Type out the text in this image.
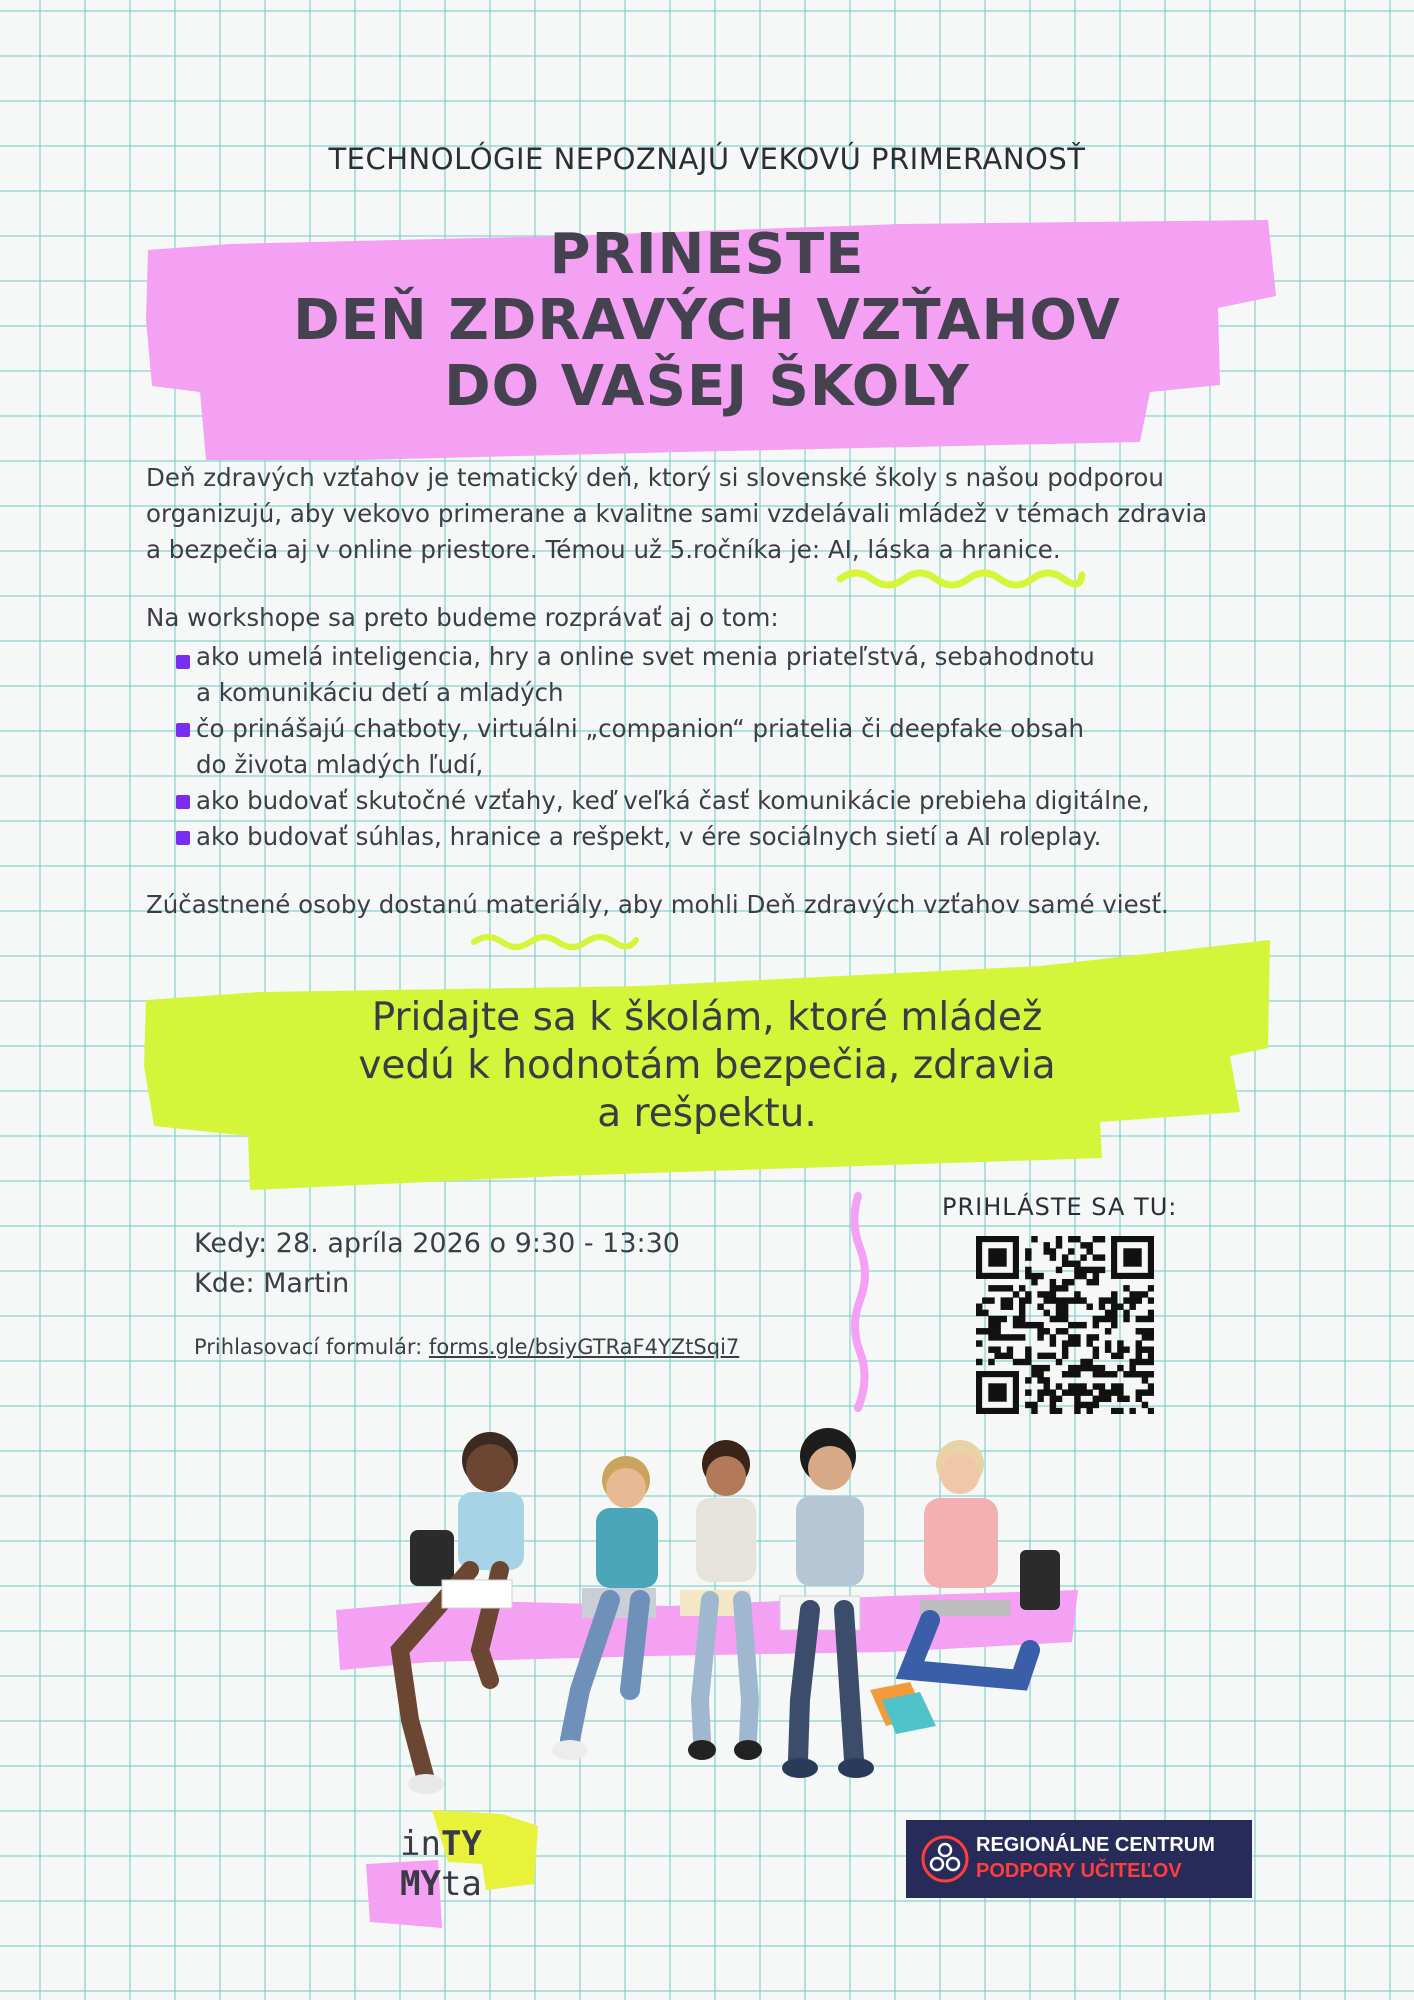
TECHNOLÓGIE NEPOZNAJÚ VEKOVÚ PRIMERANOSŤ
PRINESTE
DEŇ ZDRAVÝCH VZŤAHOV
DO VAŠEJ ŠKOLY
Deň zdravých vzťahov je tematický deň, ktorý si slovenské školy s našou podporou
organizujú, aby vekovo primerane a kvalitne sami vzdelávali mládež v témach zdravia
a bezpečia aj v online priestore. Témou už 5.ročníka je: AI, láska a hranice.
Na workshope sa preto budeme rozprávať aj o tom:
ako umelá inteligencia, hry a online svet menia priateľstvá, sebahodnotu
a komunikáciu detí a mladých
čo prinášajú chatboty, virtuálni „companion“ priatelia či deepfake obsah
do života mladých ľudí,
ako budovať skutočné vzťahy, keď veľká časť komunikácie prebieha digitálne,
ako budovať súhlas, hranice a rešpekt, v ére sociálnych sietí a AI roleplay.
Zúčastnené osoby dostanú materiály, aby mohli Deň zdravých vzťahov samé viesť.
Pridajte sa k školám, ktoré mládež
vedú k hodnotám bezpečia, zdravia
a rešpektu.
Kedy: 28. apríla 2026 o 9:30 - 13:30
Kde: Martin
Prihlasovací formulár: forms.gle/bsiyGTRaF4YZtSqi7
PRIHLÁSTE SA TU:
inTY
MYta
REGIONÁLNE CENTRUM
PODPORY UČITEĽOV
